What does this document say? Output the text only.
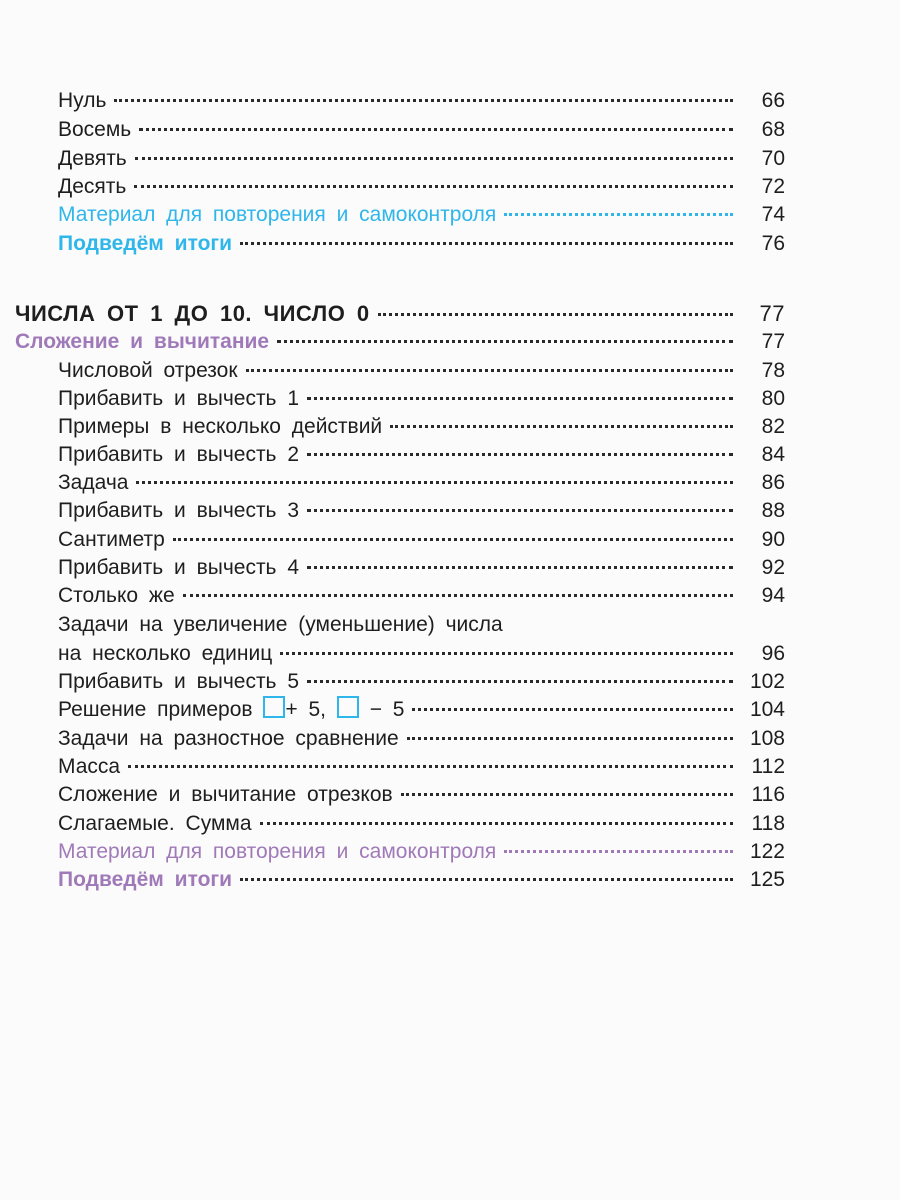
Нуль	66
Восемь	68
Девять	70
Десять	72
Материал для повторения и самоконтроля	74
Подведём итоги	76
ЧИСЛА ОТ 1 ДО 10. ЧИСЛО 0	77
Сложение и вычитание	77
Числовой отрезок	78
Прибавить и вычесть 1	80
Примеры в несколько действий	82
Прибавить и вычесть 2	84
Задача	86
Прибавить и вычесть 3	88
Сантиметр	90
Прибавить и вычесть 4	92
Столько же	94
Задачи на увеличение (уменьшение) числа
на несколько единиц	96
Прибавить и вычесть 5	102
Решение примеров + 5, − 5	104
Задачи на разностное сравнение	108
Масса	112
Сложение и вычитание отрезков	116
Слагаемые. Сумма	118
Материал для повторения и самоконтроля	122
Подведём итоги	125
